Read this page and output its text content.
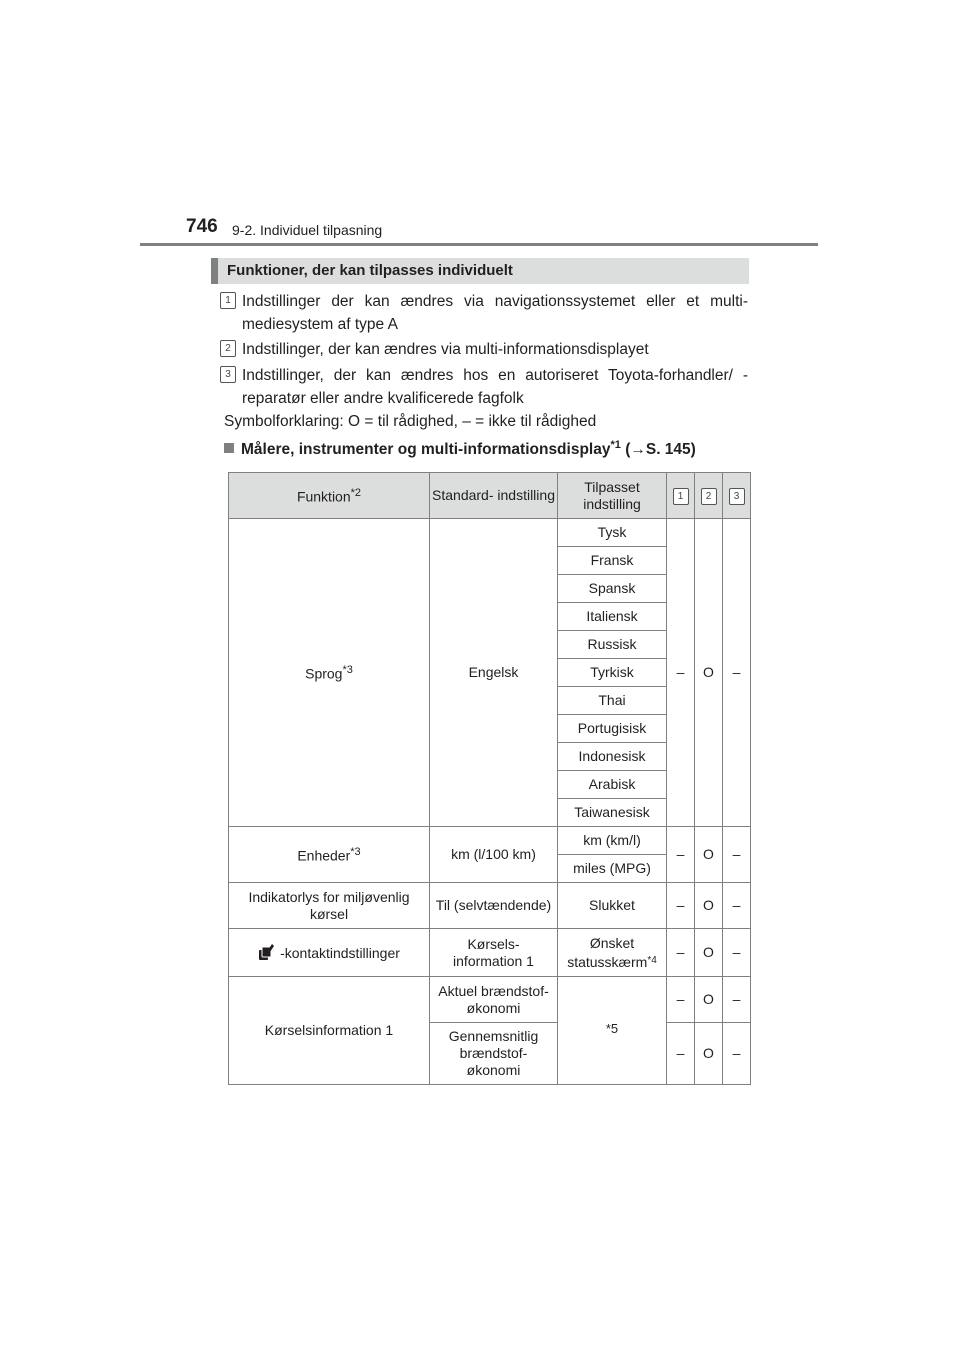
746 9-2. Individuel tilpasning
Funktioner, der kan tilpasses individuelt
1 Indstillinger der kan ændres via navigationssystemet eller et multi-mediesystem af type A
2 Indstillinger, der kan ændres via multi-informationsdisplayet
3 Indstillinger, der kan ændres hos en autoriseret Toyota-forhandler/ -reparatør eller andre kvalificerede fagfolk
Symbolforklaring: O = til rådighed, – = ikke til rådighed
Målere, instrumenter og multi-informationsdisplay$^{*1}$ (→S. 145)
Funktion$^{*2}$	Standard- indstilling	Tilpasset indstilling	1	2	3
Sprog$^{*3}$	Engelsk	Tysk	–	O	–
		Fransk			
		Spansk			
		Italiensk			
		Russisk			
		Tyrkisk			
		Thai			
		Portugisisk			
		Indonesisk			
		Arabisk			
		Taiwanesisk			
Enheder$^{*3}$	km (l/100 km)	km (km/l)	–	O	–
		miles (MPG)			
Indikatorlys for miljøvenlig kørsel	Til (selvtændende)	Slukket	–	O	–
-kontaktindstillinger	Kørsels- information 1	Ønsket statusskærm$^{*4}$	–	O	–
Kørselsinformation 1	Aktuel brændstof- økonomi	*5	–	O	–
	Gennemsnitlig brændstof- økonomi		–	O	–
